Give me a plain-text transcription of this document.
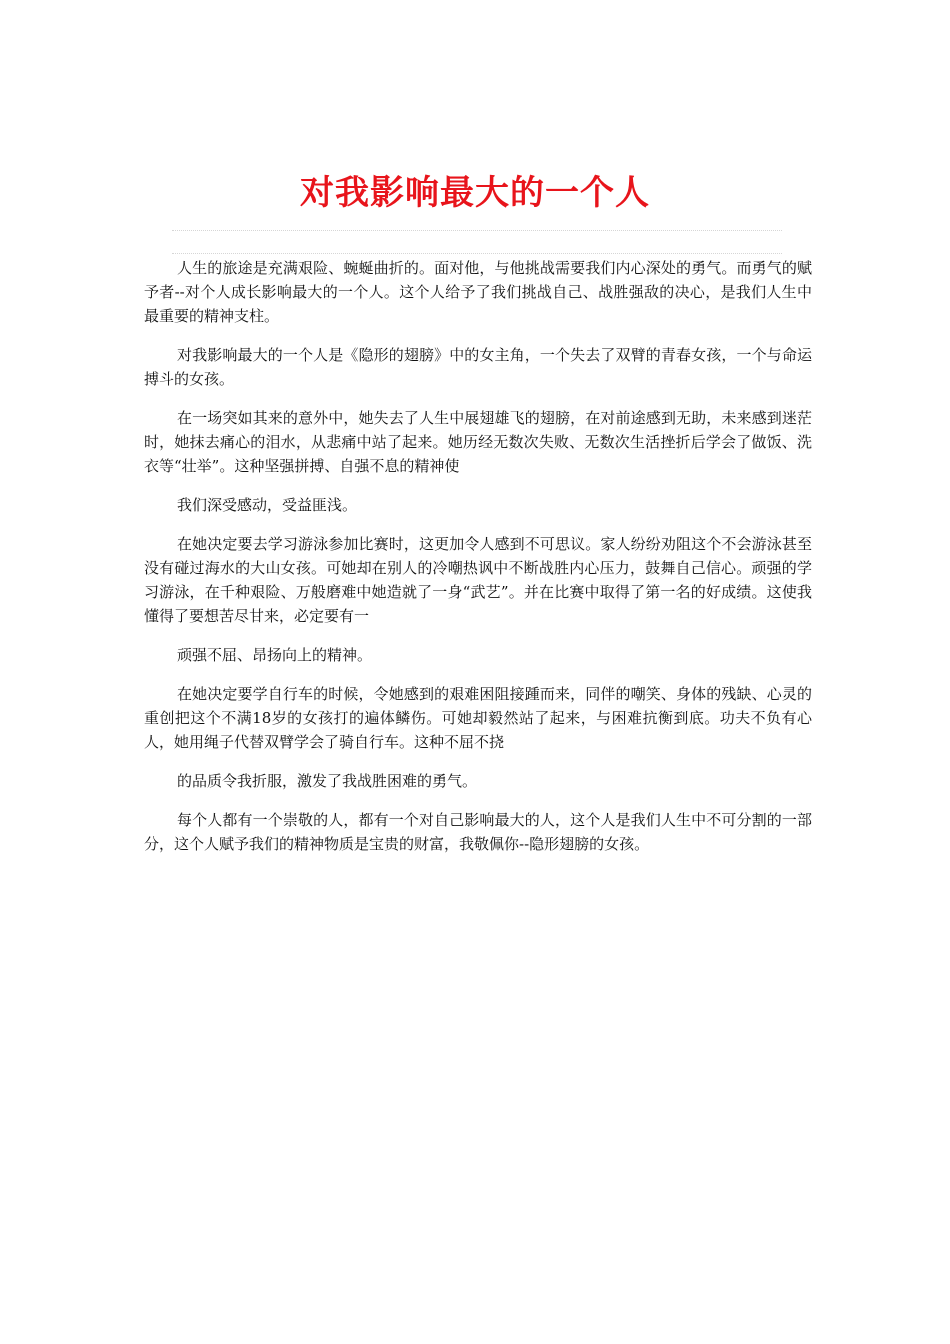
对我影响最大的一个人

人生的旅途是充满艰险、蜿蜒曲折的。面对他，与他挑战需要我们内心深处的勇气。而勇气的赋予者--对个人成长影响最大的一个人。这个人给予了我们挑战自己、战胜强敌的决心，是我们人生中最重要的精神支柱。

对我影响最大的一个人是《隐形的翅膀》中的女主角，一个失去了双臂的青春女孩，一个与命运搏斗的女孩。

在一场突如其来的意外中，她失去了人生中展翅雄飞的翅膀，在对前途感到无助，未来感到迷茫时，她抹去痛心的泪水，从悲痛中站了起来。她历经无数次失败、无数次生活挫折后学会了做饭、洗衣等“壮举”。这种坚强拼搏、自强不息的精神使

我们深受感动，受益匪浅。

在她决定要去学习游泳参加比赛时，这更加令人感到不可思议。家人纷纷劝阻这个不会游泳甚至没有碰过海水的大山女孩。可她却在别人的冷嘲热讽中不断战胜内心压力，鼓舞自己信心。顽强的学习游泳，在千种艰险、万般磨难中她造就了一身“武艺”。并在比赛中取得了第一名的好成绩。这使我懂得了要想苦尽甘来，必定要有一

顽强不屈、昂扬向上的精神。

在她决定要学自行车的时候，令她感到的艰难困阻接踵而来，同伴的嘲笑、身体的残缺、心灵的重创把这个不满18岁的女孩打的遍体鳞伤。可她却毅然站了起来，与困难抗衡到底。功夫不负有心人，她用绳子代替双臂学会了骑自行车。这种不屈不挠

的品质令我折服，激发了我战胜困难的勇气。

每个人都有一个崇敬的人，都有一个对自己影响最大的人，这个人是我们人生中不可分割的一部分，这个人赋予我们的精神物质是宝贵的财富，我敬佩你--隐形翅膀的女孩。
